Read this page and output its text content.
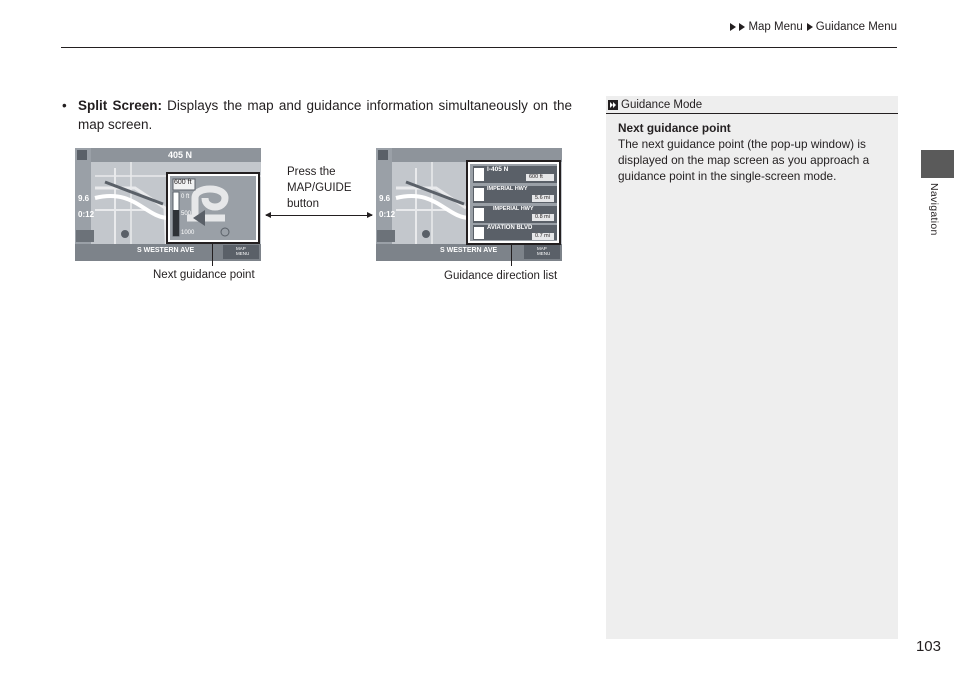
Map Menu Guidance Menu
• Split Screen: Displays the map and guidance information simultaneously on the map screen.
405 N
600 ft
0 ft
500
1000
9.6
0:12
S WESTERN AVE	MAP MENU
I-405 N
600 ft
IMPERIAL HWY
5.6 mi
IMPERIAL HWY
0.8 mi
AVIATION BLVD
0.7 mi
9.6
0:12
S WESTERN AVE	MAP MENU
Next guidance point	Guidance direction list
Press the MAP/GUIDE button
Guidance Mode
Next guidance point
The next guidance point (the pop-up window) is displayed on the map screen as you approach a guidance point in the single-screen mode.
Navigation
103
